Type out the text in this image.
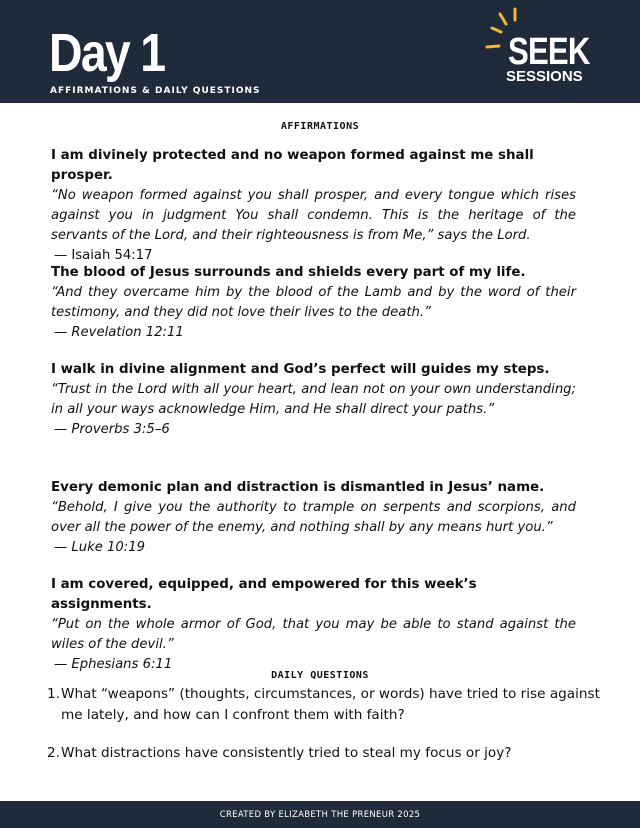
Day 1
AFFIRMATIONS & DAILY QUESTIONS
SEEK
SESSIONS
AFFIRMATIONS

I am divinely protected and no weapon formed against me shall prosper.

“No weapon formed against you shall prosper, and every tongue which rises against you in judgment You shall condemn. This is the heritage of the servants of the Lord, and their righteousness is from Me,” says the Lord.

— Isaiah 54:17

The blood of Jesus surrounds and shields every part of my life.

“And they overcame him by the blood of the Lamb and by the word of their testimony, and they did not love their lives to the death.”

— Revelation 12:11

I walk in divine alignment and God’s perfect will guides my steps.

“Trust in the Lord with all your heart, and lean not on your own understanding; in all your ways acknowledge Him, and He shall direct your paths.”

— Proverbs 3:5–6

Every demonic plan and distraction is dismantled in Jesus’ name.

“Behold, I give you the authority to trample on serpents and scorpions, and over all the power of the enemy, and nothing shall by any means hurt you.”

— Luke 10:19

I am covered, equipped, and empowered for this week’s assignments.

“Put on the whole armor of God, that you may be able to stand against the wiles of the devil.”

— Ephesians 6:11

DAILY QUESTIONS
1. What “weapons” (thoughts, circumstances, or words) have tried to rise against me lately, and how can I confront them with faith?
2. What distractions have consistently tried to steal my focus or joy?
CREATED BY ELIZABETH THE PRENEUR 2025
